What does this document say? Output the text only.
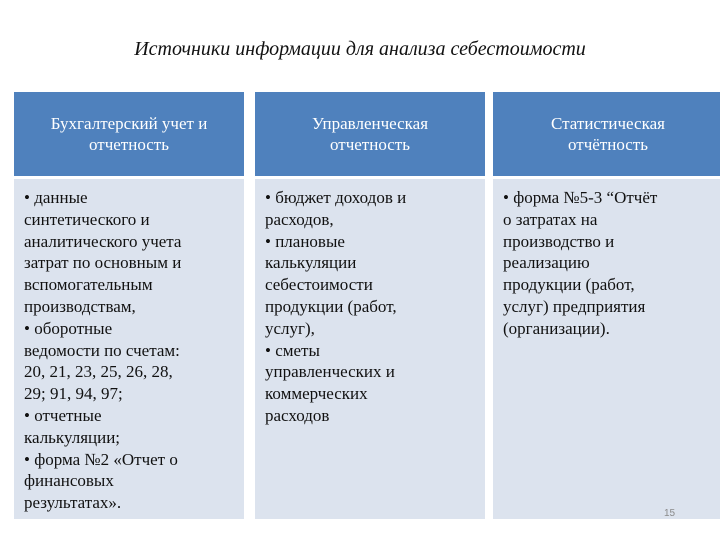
Источники информации для анализа себестоимости
Бухгалтерский учет и
отчетность
• данные
синтетического и
аналитического учета
затрат по основным и
вспомогательным
производствам,
• оборотные
ведомости по счетам:
20, 21, 23, 25, 26, 28,
29; 91, 94, 97;
• отчетные
калькуляции;
• форма №2 «Отчет о
финансовых
результатах».
Управленческая
отчетность
• бюджет доходов и
расходов,
• плановые
калькуляции
себестоимости
продукции (работ,
услуг),
• сметы
управленческих и
коммерческих
расходов
Статистическая
отчётность
• форма №5-3 “Отчёт
о затратах на
производство и
реализацию
продукции (работ,
услуг) предприятия
(организации).
15
